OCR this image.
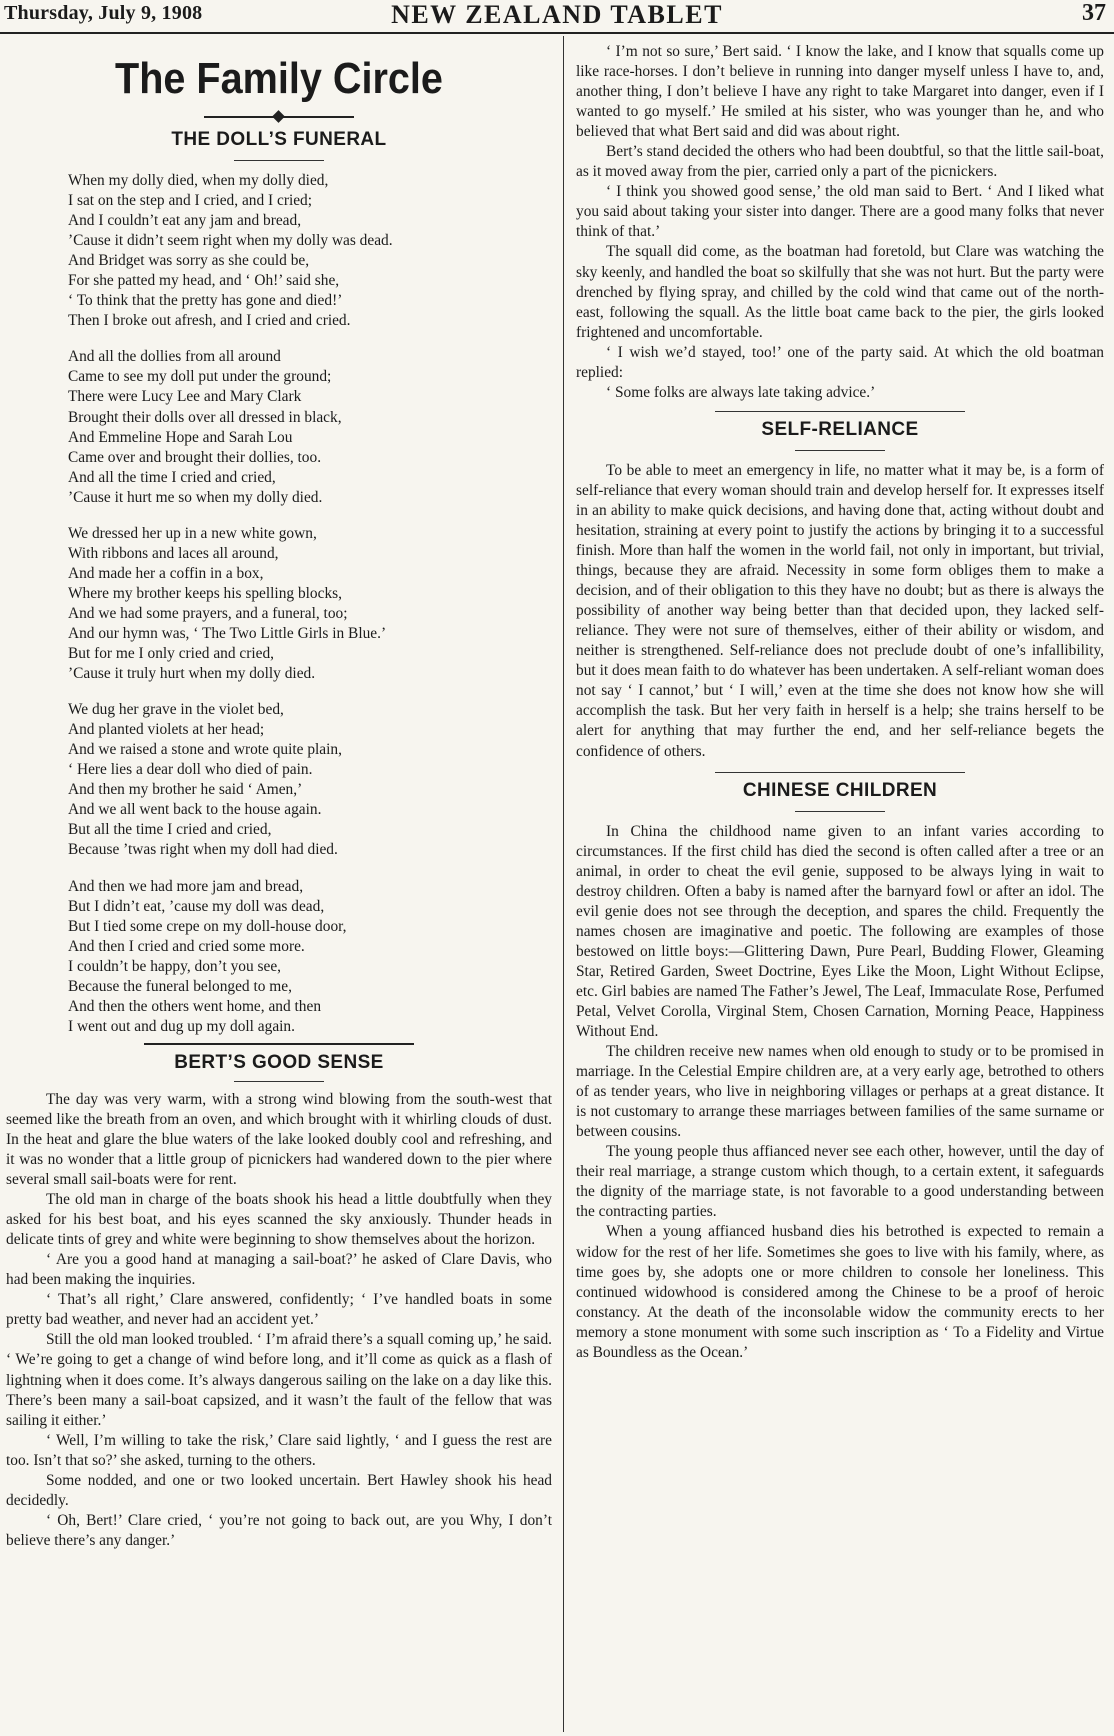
Thursday, July 9, 1908	NEW ZEALAND TABLET	37
The Family Circle
THE DOLL’S FUNERAL

When my dolly died, when my dolly died,

I sat on the step and I cried, and I cried;

And I couldn’t eat any jam and bread,

’Cause it didn’t seem right when my dolly was dead.

And Bridget was sorry as she could be,

For she patted my head, and ‘ Oh!’ said she,

‘ To think that the pretty has gone and died!’

Then I broke out afresh, and I cried and cried.

And all the dollies from all around

Came to see my doll put under the ground;

There were Lucy Lee and Mary Clark

Brought their dolls over all dressed in black,

And Emmeline Hope and Sarah Lou

Came over and brought their dollies, too.

And all the time I cried and cried,

’Cause it hurt me so when my dolly died.

We dressed her up in a new white gown,

With ribbons and laces all around,

And made her a coffin in a box,

Where my brother keeps his spelling blocks,

And we had some prayers, and a funeral, too;

And our hymn was, ‘ The Two Little Girls in Blue.’

But for me I only cried and cried,

’Cause it truly hurt when my dolly died.

We dug her grave in the violet bed,

And planted violets at her head;

And we raised a stone and wrote quite plain,

‘ Here lies a dear doll who died of pain.

And then my brother he said ‘ Amen,’

And we all went back to the house again.

But all the time I cried and cried,

Because ’twas right when my doll had died.

And then we had more jam and bread,

But I didn’t eat, ’cause my doll was dead,

But I tied some crepe on my doll-house door,

And then I cried and cried some more.

I couldn’t be happy, don’t you see,

Because the funeral belonged to me,

And then the others went home, and then

I went out and dug up my doll again.

BERT’S GOOD SENSE

The day was very warm, with a strong wind blowing from the south-west that seemed like the breath from an oven, and which brought with it whirling clouds of dust. In the heat and glare the blue waters of the lake looked doubly cool and refreshing, and it was no wonder that a little group of picnickers had wandered down to the pier where several small sail-boats were for rent.

The old man in charge of the boats shook his head a little doubtfully when they asked for his best boat, and his eyes scanned the sky anxiously. Thunder heads in delicate tints of grey and white were beginning to show themselves about the horizon.

‘ Are you a good hand at managing a sail-boat?’ he asked of Clare Davis, who had been making the inquiries.

‘ That’s all right,’ Clare answered, confidently; ‘ I’ve handled boats in some pretty bad weather, and never had an accident yet.’

Still the old man looked troubled. ‘ I’m afraid there’s a squall coming up,’ he said. ‘ We’re going to get a change of wind before long, and it’ll come as quick as a flash of lightning when it does come. It’s always dangerous sailing on the lake on a day like this. There’s been many a sail-boat capsized, and it wasn’t the fault of the fellow that was sailing it either.’

‘ Well, I’m willing to take the risk,’ Clare said lightly, ‘ and I guess the rest are too. Isn’t that so?’ she asked, turning to the others.

Some nodded, and one or two looked uncertain. Bert Hawley shook his head decidedly.

‘ Oh, Bert!’ Clare cried, ‘ you’re not going to back out, are you Why, I don’t believe there’s any danger.’

‘ I’m not so sure,’ Bert said. ‘ I know the lake, and I know that squalls come up like race-horses. I don’t believe in running into danger myself unless I have to, and, another thing, I don’t believe I have any right to take Margaret into danger, even if I wanted to go myself.’ He smiled at his sister, who was younger than he, and who believed that what Bert said and did was about right.

Bert’s stand decided the others who had been doubtful, so that the little sail-boat, as it moved away from the pier, carried only a part of the picnickers.

‘ I think you showed good sense,’ the old man said to Bert. ‘ And I liked what you said about taking your sister into danger. There are a good many folks that never think of that.’

The squall did come, as the boatman had foretold, but Clare was watching the sky keenly, and handled the boat so skilfully that she was not hurt. But the party were drenched by flying spray, and chilled by the cold wind that came out of the north-east, following the squall. As the little boat came back to the pier, the girls looked frightened and uncomfortable.

‘ I wish we’d stayed, too!’ one of the party said. At which the old boatman replied:

‘ Some folks are always late taking advice.’

SELF-RELIANCE

To be able to meet an emergency in life, no matter what it may be, is a form of self-reliance that every woman should train and develop herself for. It expresses itself in an ability to make quick decisions, and having done that, acting without doubt and hesitation, straining at every point to justify the actions by bringing it to a successful finish. More than half the women in the world fail, not only in important, but trivial, things, because they are afraid. Necessity in some form obliges them to make a decision, and of their obligation to this they have no doubt; but as there is always the possibility of another way being better than that decided upon, they lacked self-reliance. They were not sure of themselves, either of their ability or wisdom, and neither is strengthened. Self-reliance does not preclude doubt of one’s infallibility, but it does mean faith to do whatever has been undertaken. A self-reliant woman does not say ‘ I cannot,’ but ‘ I will,’ even at the time she does not know how she will accomplish the task. But her very faith in herself is a help; she trains herself to be alert for anything that may further the end, and her self-reliance begets the confidence of others.

CHINESE CHILDREN

In China the childhood name given to an infant varies according to circumstances. If the first child has died the second is often called after a tree or an animal, in order to cheat the evil genie, supposed to be always lying in wait to destroy children. Often a baby is named after the barnyard fowl or after an idol. The evil genie does not see through the deception, and spares the child. Frequently the names chosen are imaginative and poetic. The following are examples of those bestowed on little boys:—Glittering Dawn, Pure Pearl, Budding Flower, Gleaming Star, Retired Garden, Sweet Doctrine, Eyes Like the Moon, Light Without Eclipse, etc. Girl babies are named The Father’s Jewel, The Leaf, Immaculate Rose, Perfumed Petal, Velvet Corolla, Virginal Stem, Chosen Carnation, Morning Peace, Happiness Without End.

The children receive new names when old enough to study or to be promised in marriage. In the Celestial Empire children are, at a very early age, betrothed to others of as tender years, who live in neighboring villages or perhaps at a great distance. It is not customary to arrange these marriages between families of the same surname or between cousins.

The young people thus affianced never see each other, however, until the day of their real marriage, a strange custom which though, to a certain extent, it safeguards the dignity of the marriage state, is not favorable to a good understanding between the contracting parties.

When a young affianced husband dies his betrothed is expected to remain a widow for the rest of her life. Sometimes she goes to live with his family, where, as time goes by, she adopts one or more children to console her loneliness. This continued widowhood is considered among the Chinese to be a proof of heroic constancy. At the death of the inconsolable widow the community erects to her memory a stone monument with some such inscription as ‘ To a Fidelity and Virtue as Boundless as the Ocean.’
